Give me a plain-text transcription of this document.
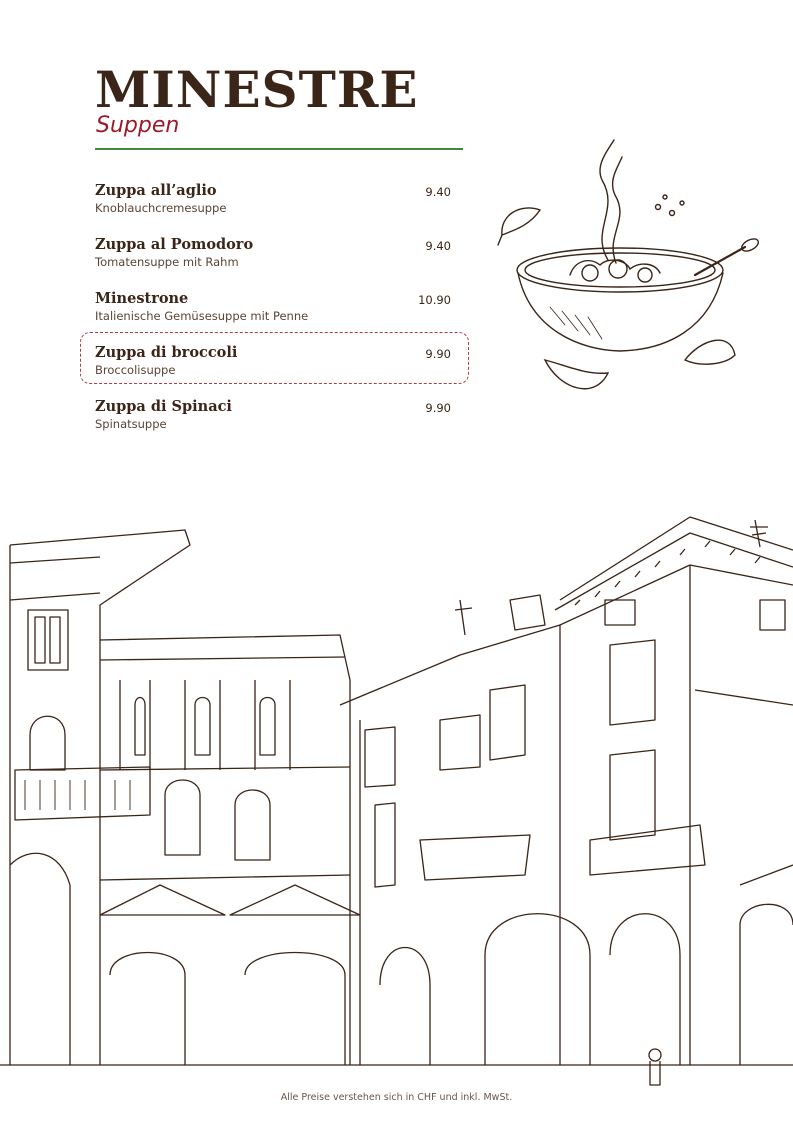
MINESTRE
Suppen
Zuppa all’aglio
Knoblauchcremesuppe
9.40
Zuppa al Pomodoro
Tomatensuppe mit Rahm
9.40
Minestrone
Italienische Gemüsesuppe mit Penne
10.90
Zuppa di broccoli
Broccolisuppe
9.90
Zuppa di Spinaci
Spinatsuppe
9.90
Alle Preise verstehen sich in CHF und inkl. MwSt.
